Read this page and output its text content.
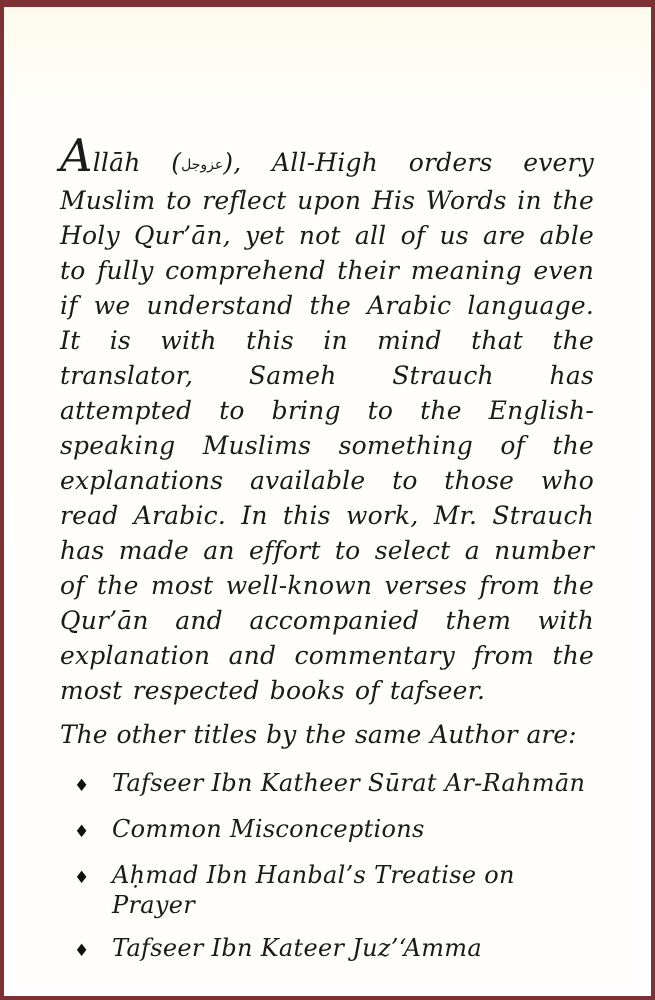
Allāh (عزوجل), All-High orders every Muslim to reflect upon His Words in the Holy Qur’ān, yet not all of us are able to fully comprehend their meaning even if we understand the Arabic language. It is with this in mind that the translator, Sameh Strauch has attempted to bring to the English-speaking Muslims something of the explanations available to those who read Arabic. In this work, Mr. Strauch has made an effort to select a number of the most well-known verses from the Qur’ān and accompanied them with explanation and commentary from the most respected books of tafseer.

The other titles by the same Author are:

♦ Tafseer Ibn Katheer Sūrat Ar-Rahmān
♦ Common Misconceptions
♦ Aḥmad Ibn Hanbal’s Treatise on Prayer
♦ Tafseer Ibn Kateer Juz’‘Amma
